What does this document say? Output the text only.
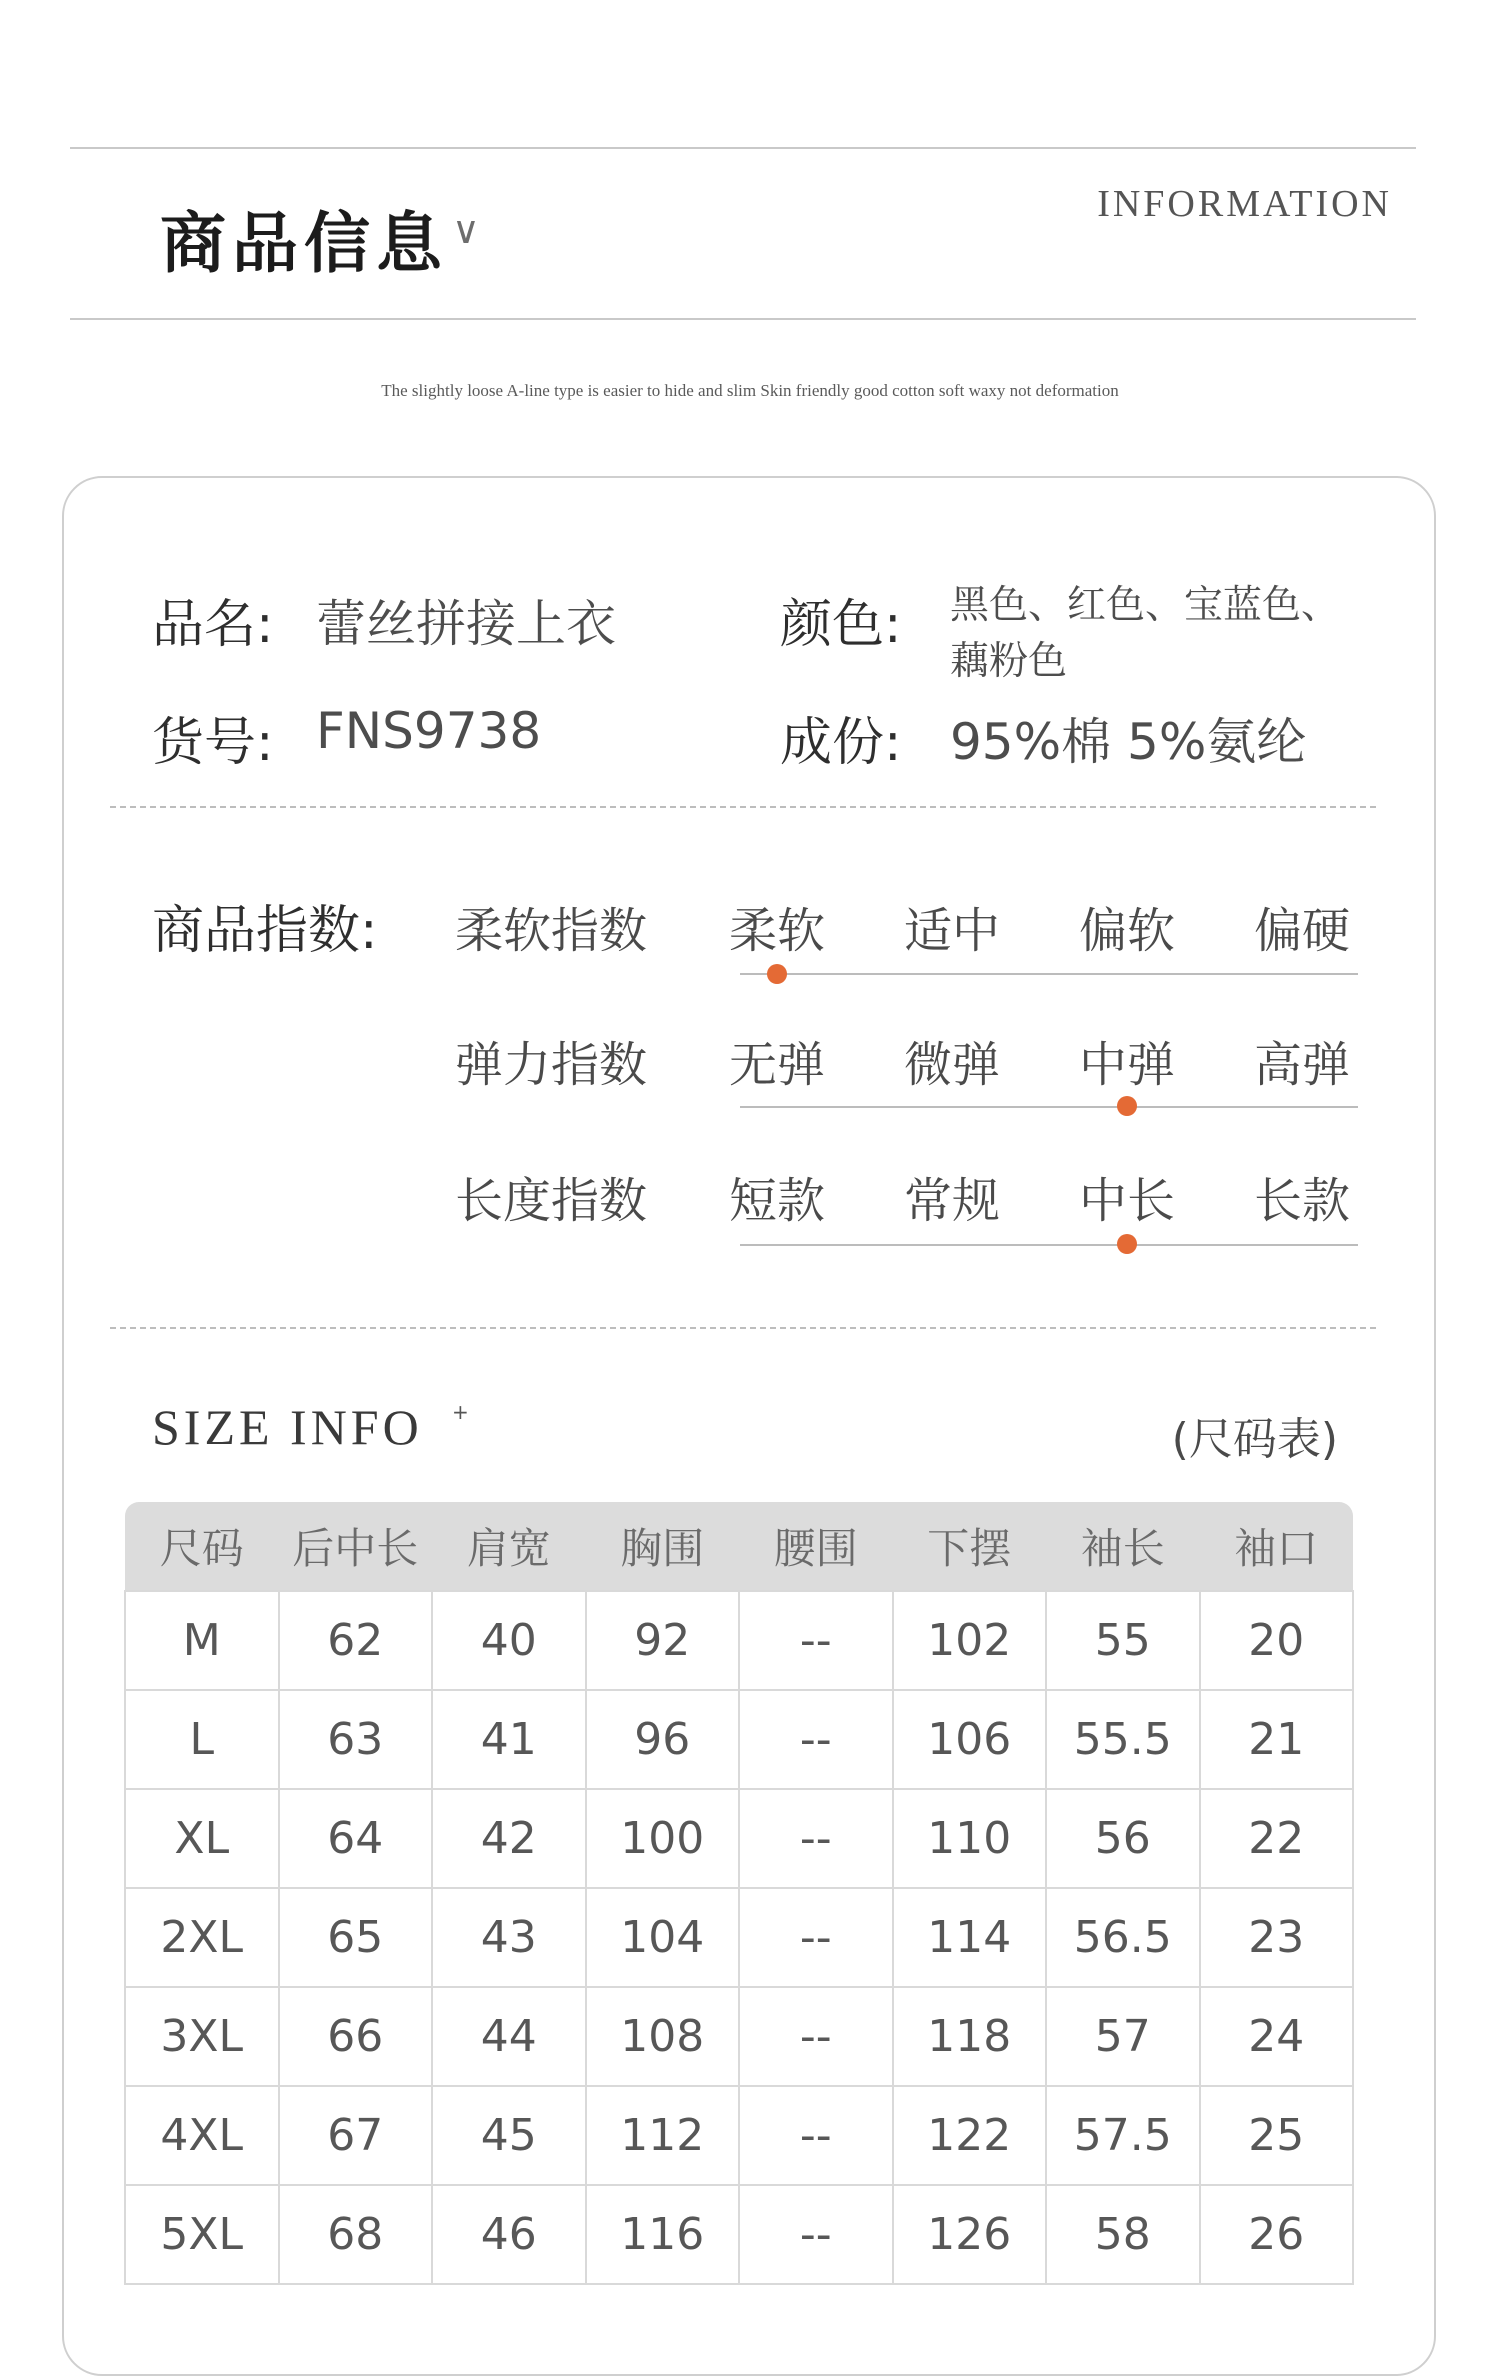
商品信息 ∨
INFORMATION
The slightly loose A-line type is easier to hide and slim Skin friendly good cotton soft waxy not deformation
品名: 蕾丝拼接上衣	颜色: 黑色、红色、宝蓝色、
藕粉色
货号: FNS9738	成份: 95%棉 5%氨纶
商品指数: 柔软指数 柔软 适中 偏软 偏硬
弹力指数 无弹 微弹 中弹 高弹
长度指数 短款 常规 中长 长款
SIZE INFO +
(尺码表)
尺码	后中长	肩宽	胸围	腰围	下摆	袖长	袖口
M	62	40	92	--	102	55	20
L	63	41	96	--	106	55.5	21
XL	64	42	100	--	110	56	22
2XL	65	43	104	--	114	56.5	23
3XL	66	44	108	--	118	57	24
4XL	67	45	112	--	122	57.5	25
5XL	68	46	116	--	126	58	26
